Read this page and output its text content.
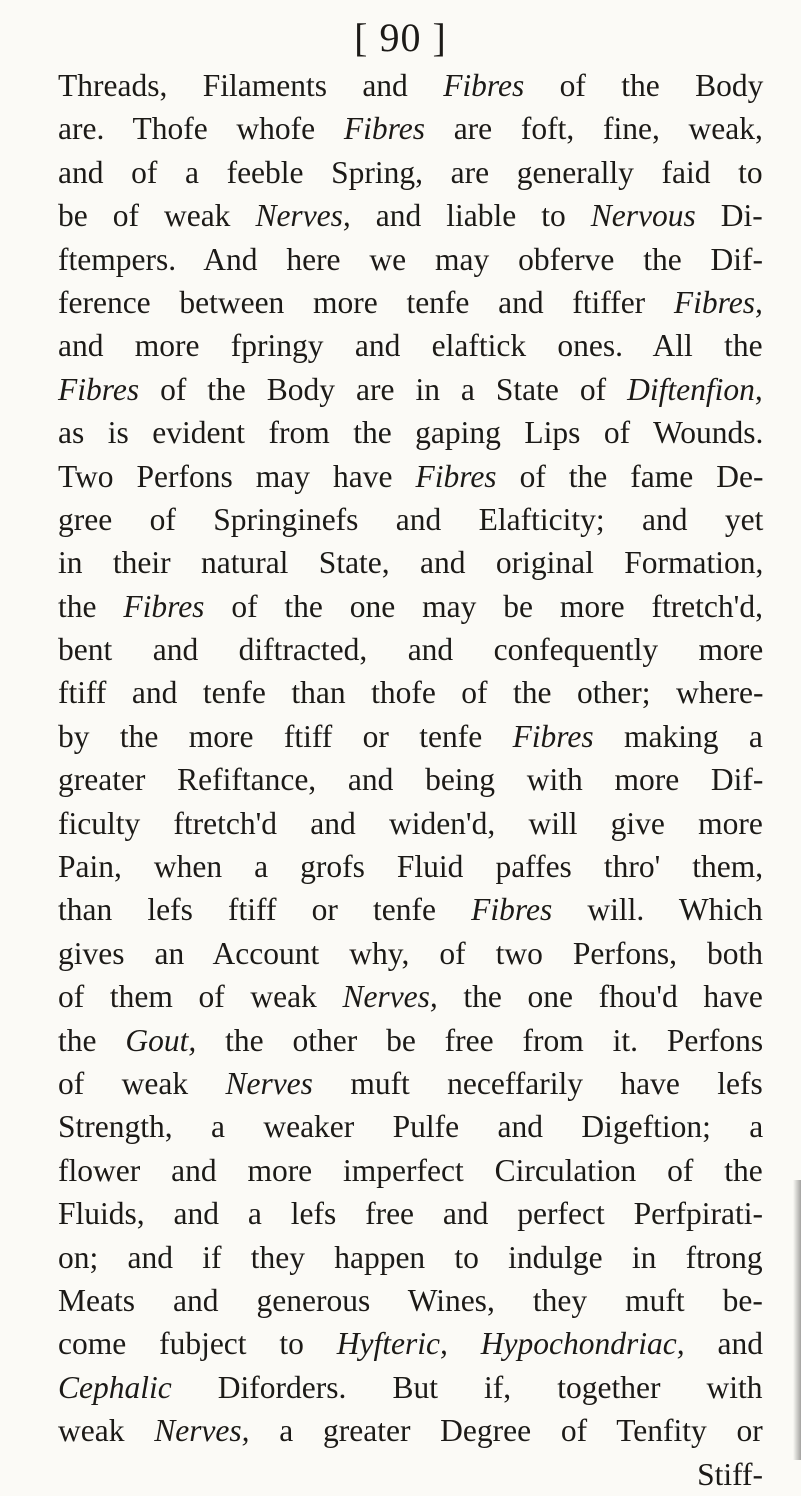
[ 90 ]
Threads, Filaments and Fibres of the Body
are. Thofe whofe Fibres are foft, fine, weak,
and of a feeble Spring, are generally faid to
be of weak Nerves, and liable to Nervous Di-
ftempers. And here we may obferve the Dif-
ference between more tenfe and ftiffer Fibres,
and more fpringy and elaftick ones. All the
Fibres of the Body are in a State of Diftenfion,
as is evident from the gaping Lips of Wounds.
Two Perfons may have Fibres of the fame De-
gree of Springinefs and Elafticity; and yet
in their natural State, and original Formation,
the Fibres of the one may be more ftretch'd,
bent and diftracted, and confequently more
ftiff and tenfe than thofe of the other; where-
by the more ftiff or tenfe Fibres making a
greater Refiftance, and being with more Dif-
ficulty ftretch'd and widen'd, will give more
Pain, when a grofs Fluid paffes thro' them,
than lefs ftiff or tenfe Fibres will. Which
gives an Account why, of two Perfons, both
of them of weak Nerves, the one fhou'd have
the Gout, the other be free from it. Perfons
of weak Nerves muft neceffarily have lefs
Strength, a weaker Pulfe and Digeftion; a
flower and more imperfect Circulation of the
Fluids, and a lefs free and perfect Perfpirati-
on; and if they happen to indulge in ftrong
Meats and generous Wines, they muft be-
come fubject to Hyfteric, Hypochondriac, and
Cephalic Diforders. But if, together with
weak Nerves, a greater Degree of Tenfity or
Stiff-
